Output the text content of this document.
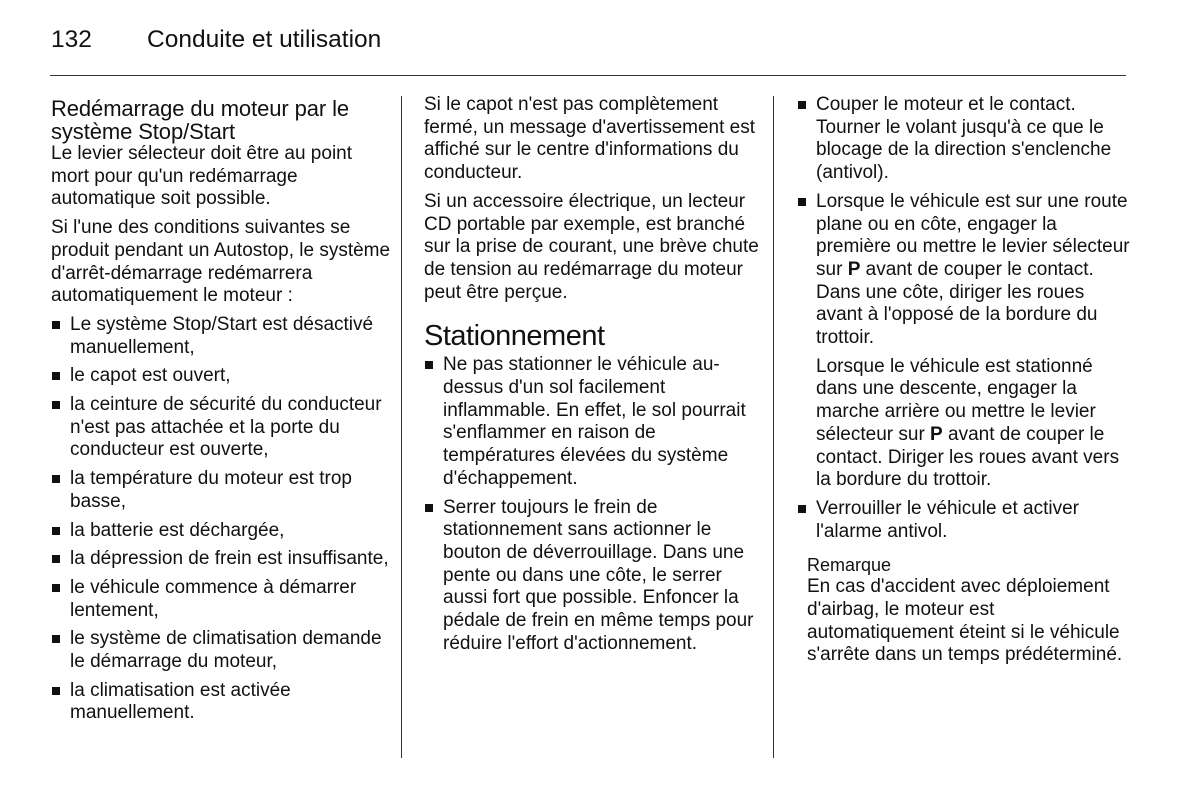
132 Conduite et utilisation

Redémarrage du moteur par le système Stop/Start

Le levier sélecteur doit être au point mort pour qu'un redémarrage automatique soit possible.

Si l'une des conditions suivantes se produit pendant un Autostop, le système d'arrêt-démarrage redémarrera automatiquement le moteur :

Le système Stop/Start est désactivé manuellement,
le capot est ouvert,
la ceinture de sécurité du conducteur n'est pas attachée et la porte du conducteur est ouverte,
la température du moteur est trop basse,
la batterie est déchargée,
la dépression de frein est insuffisante,
le véhicule commence à démarrer lentement,
le système de climatisation demande le démarrage du moteur,
la climatisation est activée manuellement.

Si le capot n'est pas complètement fermé, un message d'avertissement est affiché sur le centre d'informations du conducteur.

Si un accessoire électrique, un lecteur CD portable par exemple, est branché sur la prise de courant, une brève chute de tension au redémarrage du moteur peut être perçue.

Stationnement
Ne pas stationner le véhicule au-dessus d'un sol facilement inflammable. En effet, le sol pourrait s'enflammer en raison de températures élevées du système d'échappement.
Serrer toujours le frein de stationnement sans actionner le bouton de déverrouillage. Dans une pente ou dans une côte, le serrer aussi fort que possible. Enfoncer la pédale de frein en même temps pour réduire l'effort d'actionnement.
Couper le moteur et le contact. Tourner le volant jusqu'à ce que le blocage de la direction s'enclenche (antivol).
Lorsque le véhicule est sur une route plane ou en côte, engager la première ou mettre le levier sélecteur sur P avant de couper le contact. Dans une côte, diriger les roues avant à l'opposé de la bordure du trottoir.

Lorsque le véhicule est stationné dans une descente, engager la marche arrière ou mettre le levier sélecteur sur P avant de couper le contact. Diriger les roues avant vers la bordure du trottoir.

Verrouiller le véhicule et activer l'alarme antivol.

Remarque

En cas d'accident avec déploiement d'airbag, le moteur est automatiquement éteint si le véhicule s'arrête dans un temps prédéterminé.
